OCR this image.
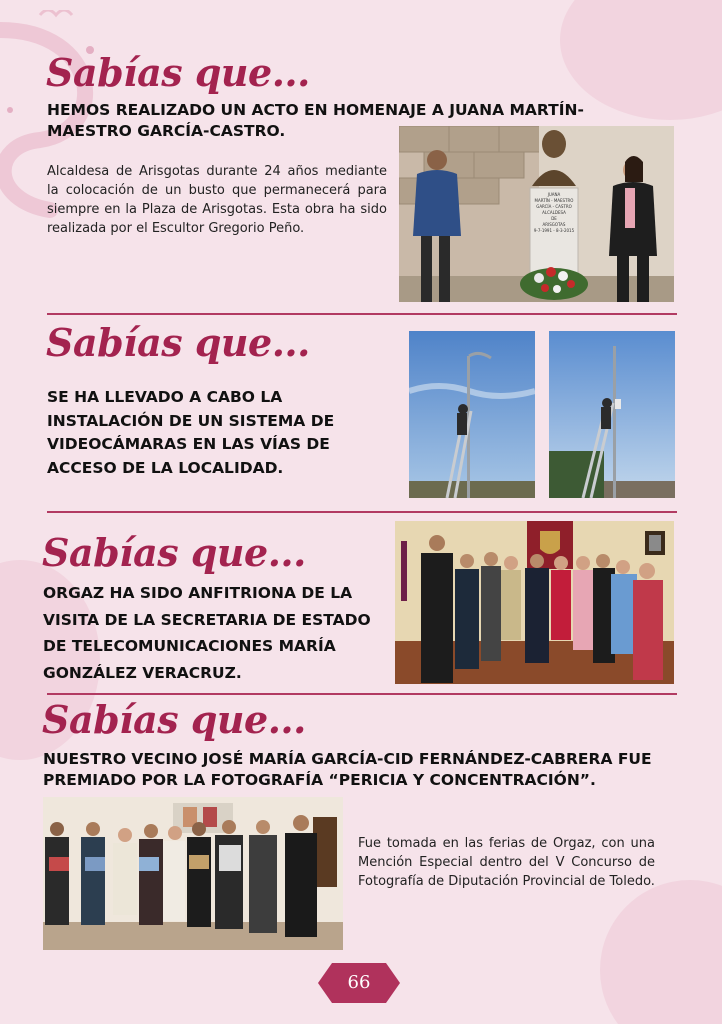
Sabías que...
HEMOS REALIZADO UN ACTO EN HOMENAJE A JUANA MARTÍN-MAESTRO GARCÍA-CASTRO.
Alcaldesa de Arisgotas durante 24 años mediante la colocación de un busto que permanecerá para siempre en la Plaza de Arisgotas. Esta obra ha sido realizada por el Escultor Gregorio Peño.
JUANA
MARTÍN - MAESTRO
GARCÍA - CASTRO
ALCALDESA
DE
ARISGOTAS
9-7-1991 - 8-3-2015
Sabías que...
SE HA LLEVADO A CABO LA INSTALACIÓN DE UN SISTEMA DE VIDEOCÁMARAS EN LAS VÍAS DE ACCESO DE LA LOCALIDAD.
Sabías que...
ORGAZ HA SIDO ANFITRIONA DE LA VISITA DE LA SECRETARIA DE ESTADO DE TELECOMUNICACIONES MARÍA GONZÁLEZ VERACRUZ.
Sabías que...
NUESTRO VECINO JOSÉ MARÍA GARCÍA-CID FERNÁNDEZ-CABRERA FUE PREMIADO POR LA FOTOGRAFÍA “PERICIA Y CONCENTRACIÓN”.
Fue tomada en las ferias de Orgaz, con una Mención Especial dentro del V Concurso de Fotografía de Diputación Provincial de Toledo.
66
